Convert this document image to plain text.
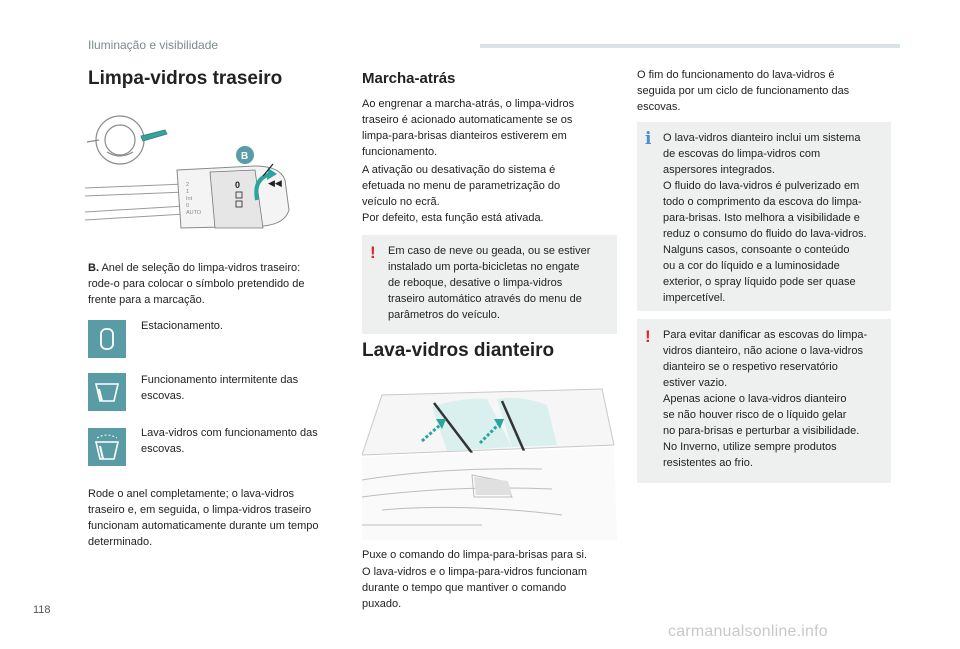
Iluminação e visibilidade
Limpa-vidros traseiro
2
1
Int
0
AUTO
0	◀◀
B
B. Anel de seleção do limpa-vidros traseiro:
rode-o para colocar o símbolo pretendido de
frente para a marcação.
Estacionamento.
Funcionamento intermitente das
escovas.
Lava-vidros com funcionamento das
escovas.
Rode o anel completamente; o lava-vidros
traseiro e, em seguida, o limpa-vidros traseiro
funcionam automaticamente durante um tempo
determinado.
Marcha-atrás
Ao engrenar a marcha-atrás, o limpa-vidros
traseiro é acionado automaticamente se os
limpa-para-brisas dianteiros estiverem em
funcionamento.
A ativação ou desativação do sistema é
efetuada no menu de parametrização do
veículo no ecrã.
Por defeito, esta função está ativada.
! Em caso de neve ou geada, ou se estiver
instalado um porta-bicicletas no engate
de reboque, desative o limpa-vidros
traseiro automático através do menu de
parâmetros do veículo.
Lava-vidros dianteiro
Puxe o comando do limpa-para-brisas para si.
O lava-vidros e o limpa-para-vidros funcionam
durante o tempo que mantiver o comando
puxado.
O fim do funcionamento do lava-vidros é
seguida por um ciclo de funcionamento das
escovas.
i O lava-vidros dianteiro inclui um sistema
de escovas do limpa-vidros com
aspersores integrados.
O fluido do lava-vidros é pulverizado em
todo o comprimento da escova do limpa-
para-brisas. Isto melhora a visibilidade e
reduz o consumo do fluido do lava-vidros.
Nalguns casos, consoante o conteúdo
ou a cor do líquido e a luminosidade
exterior, o spray líquido pode ser quase
impercetível.
! Para evitar danificar as escovas do limpa-
vidros dianteiro, não acione o lava-vidros
dianteiro se o respetivo reservatório
estiver vazio.
Apenas acione o lava-vidros dianteiro
se não houver risco de o líquido gelar
no para-brisas e perturbar a visibilidade.
No Inverno, utilize sempre produtos
resistentes ao frio.
118
carmanualsonline.info
